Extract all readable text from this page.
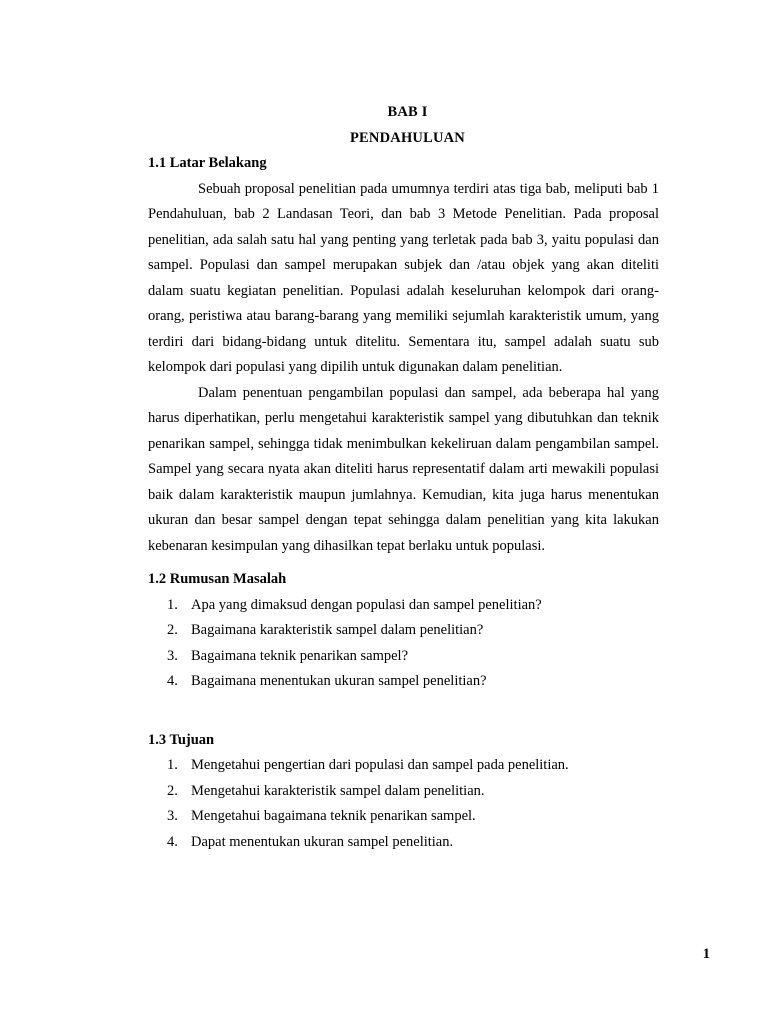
BAB I
PENDAHULUAN
1.1 Latar Belakang

Sebuah proposal penelitian pada umumnya terdiri atas tiga bab, meliputi bab 1 Pendahuluan, bab 2 Landasan Teori, dan bab 3 Metode Penelitian. Pada proposal penelitian, ada salah satu hal yang penting yang terletak pada bab 3, yaitu populasi dan sampel. Populasi dan sampel merupakan subjek dan /atau objek yang akan diteliti dalam suatu kegiatan penelitian. Populasi adalah keseluruhan kelompok dari orang-orang, peristiwa atau barang-barang yang memiliki sejumlah karakteristik umum, yang terdiri dari bidang-bidang untuk ditelitu. Sementara itu, sampel adalah suatu sub kelompok dari populasi yang dipilih untuk digunakan dalam penelitian.

Dalam penentuan pengambilan populasi dan sampel, ada beberapa hal yang harus diperhatikan, perlu mengetahui karakteristik sampel yang dibutuhkan dan teknik penarikan sampel, sehingga tidak menimbulkan kekeliruan dalam pengambilan sampel. Sampel yang secara nyata akan diteliti harus representatif dalam arti mewakili populasi baik dalam karakteristik maupun jumlahnya. Kemudian, kita juga harus menentukan ukuran dan besar sampel dengan tepat sehingga dalam penelitian yang kita lakukan kebenaran kesimpulan yang dihasilkan tepat berlaku untuk populasi.

1.2 Rumusan Masalah
1. Apa yang dimaksud dengan populasi dan sampel penelitian?
2. Bagaimana karakteristik sampel dalam penelitian?
3. Bagaimana teknik penarikan sampel?
4. Bagaimana menentukan ukuran sampel penelitian?
1.3 Tujuan
1. Mengetahui pengertian dari populasi dan sampel pada penelitian.
2. Mengetahui karakteristik sampel dalam penelitian.
3. Mengetahui bagaimana teknik penarikan sampel.
4. Dapat menentukan ukuran sampel penelitian.
1
